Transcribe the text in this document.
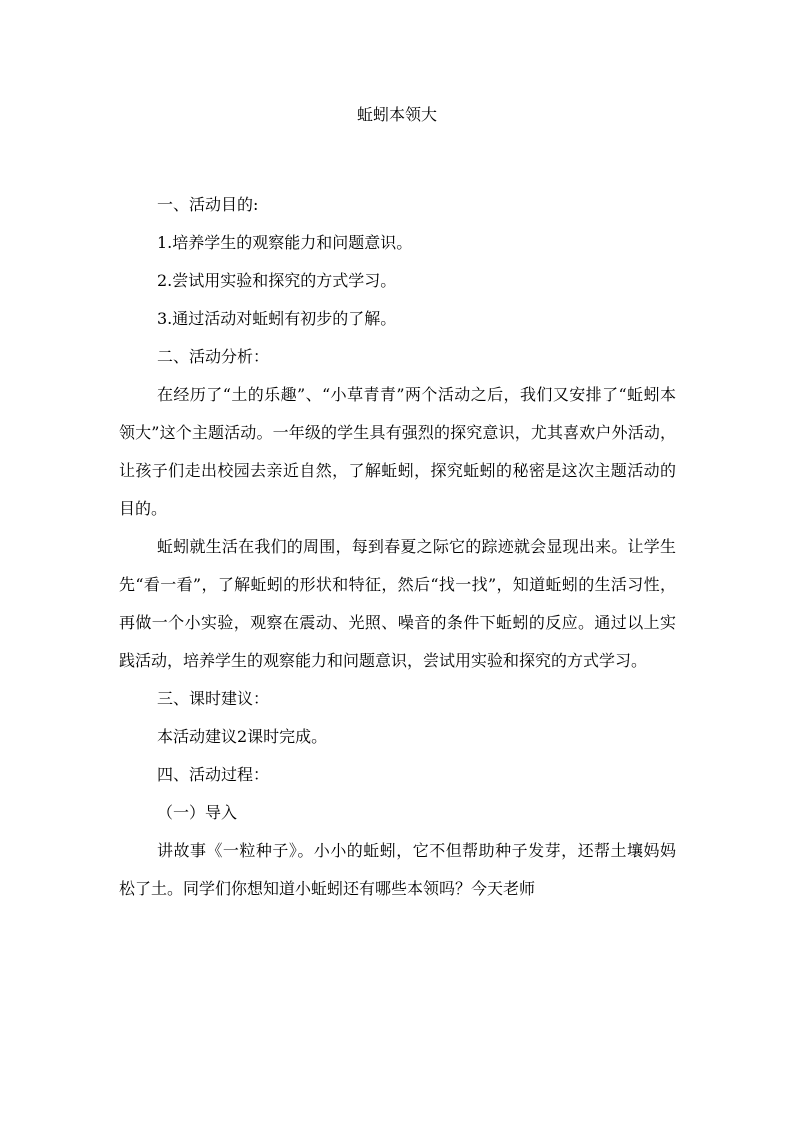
蚯蚓本领大

一、活动目的:

1.培养学生的观察能力和问题意识。

2.尝试用实验和探究的方式学习。

3.通过活动对蚯蚓有初步的了解。

二、活动分析：

在经历了“土的乐趣”、“小草青青”两个活动之后，我们又安排了“蚯蚓本领大”这个主题活动。一年级的学生具有强烈的探究意识，尤其喜欢户外活动，让孩子们走出校园去亲近自然，了解蚯蚓，探究蚯蚓的秘密是这次主题活动的目的。

蚯蚓就生活在我们的周围，每到春夏之际它的踪迹就会显现出来。让学生先“看一看”，了解蚯蚓的形状和特征，然后“找一找”，知道蚯蚓的生活习性，再做一个小实验，观察在震动、光照、噪音的条件下蚯蚓的反应。通过以上实践活动，培养学生的观察能力和问题意识，尝试用实验和探究的方式学习。

三、课时建议：

本活动建议2课时完成。

四、活动过程：

（一）导入

讲故事《一粒种子》。小小的蚯蚓，它不但帮助种子发芽，还帮土壤妈妈松了土。同学们你想知道小蚯蚓还有哪些本领吗？今天老师
